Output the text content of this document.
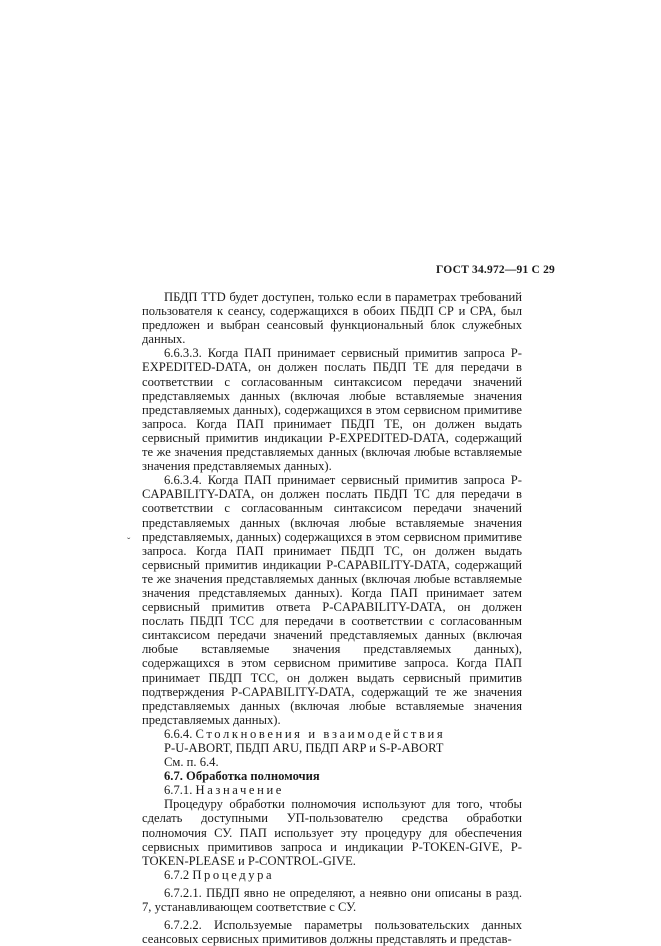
ГОСТ 34.972—91 С 29
ˇ

ПБДП TTD будет доступен, только если в параметрах требований пользователя к сеансу, содержащихся в обоих ПБДП СР и СРА, был предложен и выбран сеансовый функциональный блок служебных данных.

6.6.3.3. Когда ПАП принимает сервисный примитив запроса P-EXPEDITED-DATA, он должен послать ПБДП ТЕ для передачи в соответствии с согласованным синтаксисом передачи значений представляемых данных (включая любые вставляемые значения представляемых данных), содержащихся в этом сервисном примитиве запроса. Когда ПАП принимает ПБДП ТЕ, он должен выдать сервисный примитив индикации P-EXPEDITED-DATA, содержащий те же значения представляемых данных (включая любые вставляемые значения представляемых данных).

6.6.3.4. Когда ПАП принимает сервисный примитив запроса P-CAPABILITY-DATA, он должен послать ПБДП ТС для передачи в соответствии с согласованным синтаксисом передачи значений представляемых данных (включая любые вставляемые значения представляемых, данных) содержащихся в этом сервисном примитиве запроса. Когда ПАП принимает ПБДП ТС, он должен выдать сервисный примитив индикации P-CAPABILITY-DATA, содержащий те же значения представляемых данных (включая любые вставляемые значения представляемых данных). Когда ПАП принимает затем сервисный примитив ответа P-CAPABILITY-DATA, он должен послать ПБДП ТСС для передачи в соответствии с согласованным синтаксисом передачи значений представляемых данных (включая любые вставляемые значения представляемых данных), содержащихся в этом сервисном примитиве запроса. Когда ПАП принимает ПБДП ТСС, он должен выдать сервисный примитив подтверждения P-CAPABILITY-DATA, содержащий те же значения представляемых данных (включая любые вставляемые значения представляемых данных).

6.6.4. Столкновения и взаимодействия

P-U-ABORT, ПБДП ARU, ПБДП ARP и S-P-ABORT

См. п. 6.4.

6.7. Обработка полномочия

6.7.1. Назначение

Процедуру обработки полномочия используют для того, чтобы сделать доступными УП-пользователю средства обработки полномочия СУ. ПАП использует эту процедуру для обеспечения сервисных примитивов запроса и индикации P-TOKEN-GIVE, P-TOKEN-PLEASE и P-CONTROL-GIVE.

6.7.2 Процедура

6.7.2.1. ПБДП явно не определяют, а неявно они описаны в разд. 7, устанавливающем соответствие с СУ.

6.7.2.2. Используемые параметры пользовательских данных сеансовых сервисных примитивов должны представлять и представ-
